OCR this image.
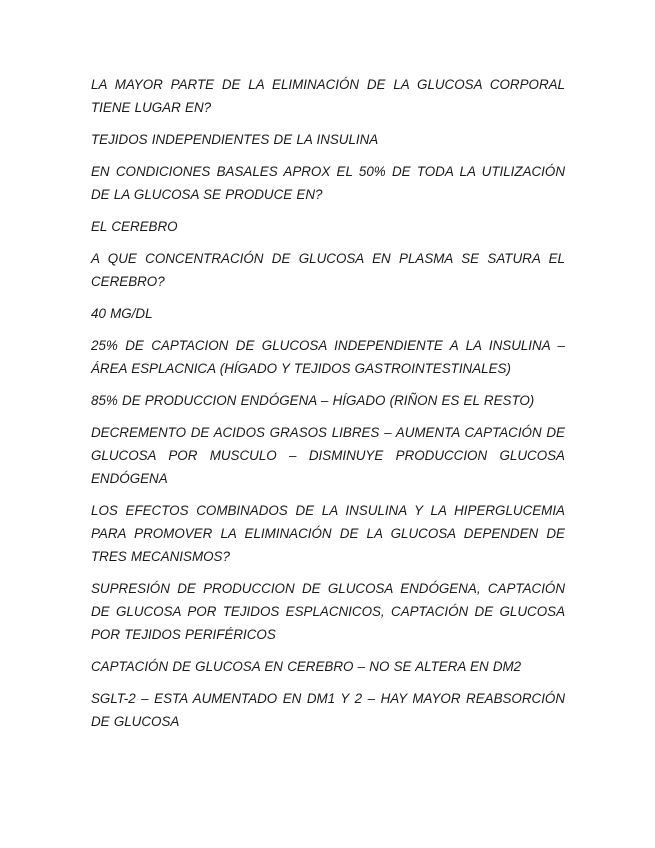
LA MAYOR PARTE DE LA ELIMINACIÓN DE LA GLUCOSA CORPORAL TIENE LUGAR EN?

TEJIDOS INDEPENDIENTES DE LA INSULINA

EN CONDICIONES BASALES APROX EL 50% DE TODA LA UTILIZACIÓN DE LA GLUCOSA SE PRODUCE EN?

EL CEREBRO

A QUE CONCENTRACIÓN DE GLUCOSA EN PLASMA SE SATURA EL CEREBRO?

40 MG/DL

25% DE CAPTACION DE GLUCOSA INDEPENDIENTE A LA INSULINA – ÁREA ESPLACNICA (HÍGADO Y TEJIDOS GASTROINTESTINALES)

85% DE PRODUCCION ENDÓGENA – HÍGADO (RIÑON ES EL RESTO)

DECREMENTO DE ACIDOS GRASOS LIBRES – AUMENTA CAPTACIÓN DE GLUCOSA POR MUSCULO – DISMINUYE PRODUCCION GLUCOSA ENDÓGENA

LOS EFECTOS COMBINADOS DE LA INSULINA Y LA HIPERGLUCEMIA PARA PROMOVER LA ELIMINACIÓN DE LA GLUCOSA DEPENDEN DE TRES MECANISMOS?

SUPRESIÓN DE PRODUCCION DE GLUCOSA ENDÓGENA, CAPTACIÓN DE GLUCOSA POR TEJIDOS ESPLACNICOS, CAPTACIÓN DE GLUCOSA POR TEJIDOS PERIFÉRICOS

CAPTACIÓN DE GLUCOSA EN CEREBRO – NO SE ALTERA EN DM2

SGLT-2 – ESTA AUMENTADO EN DM1 Y 2 – HAY MAYOR REABSORCIÓN DE GLUCOSA
